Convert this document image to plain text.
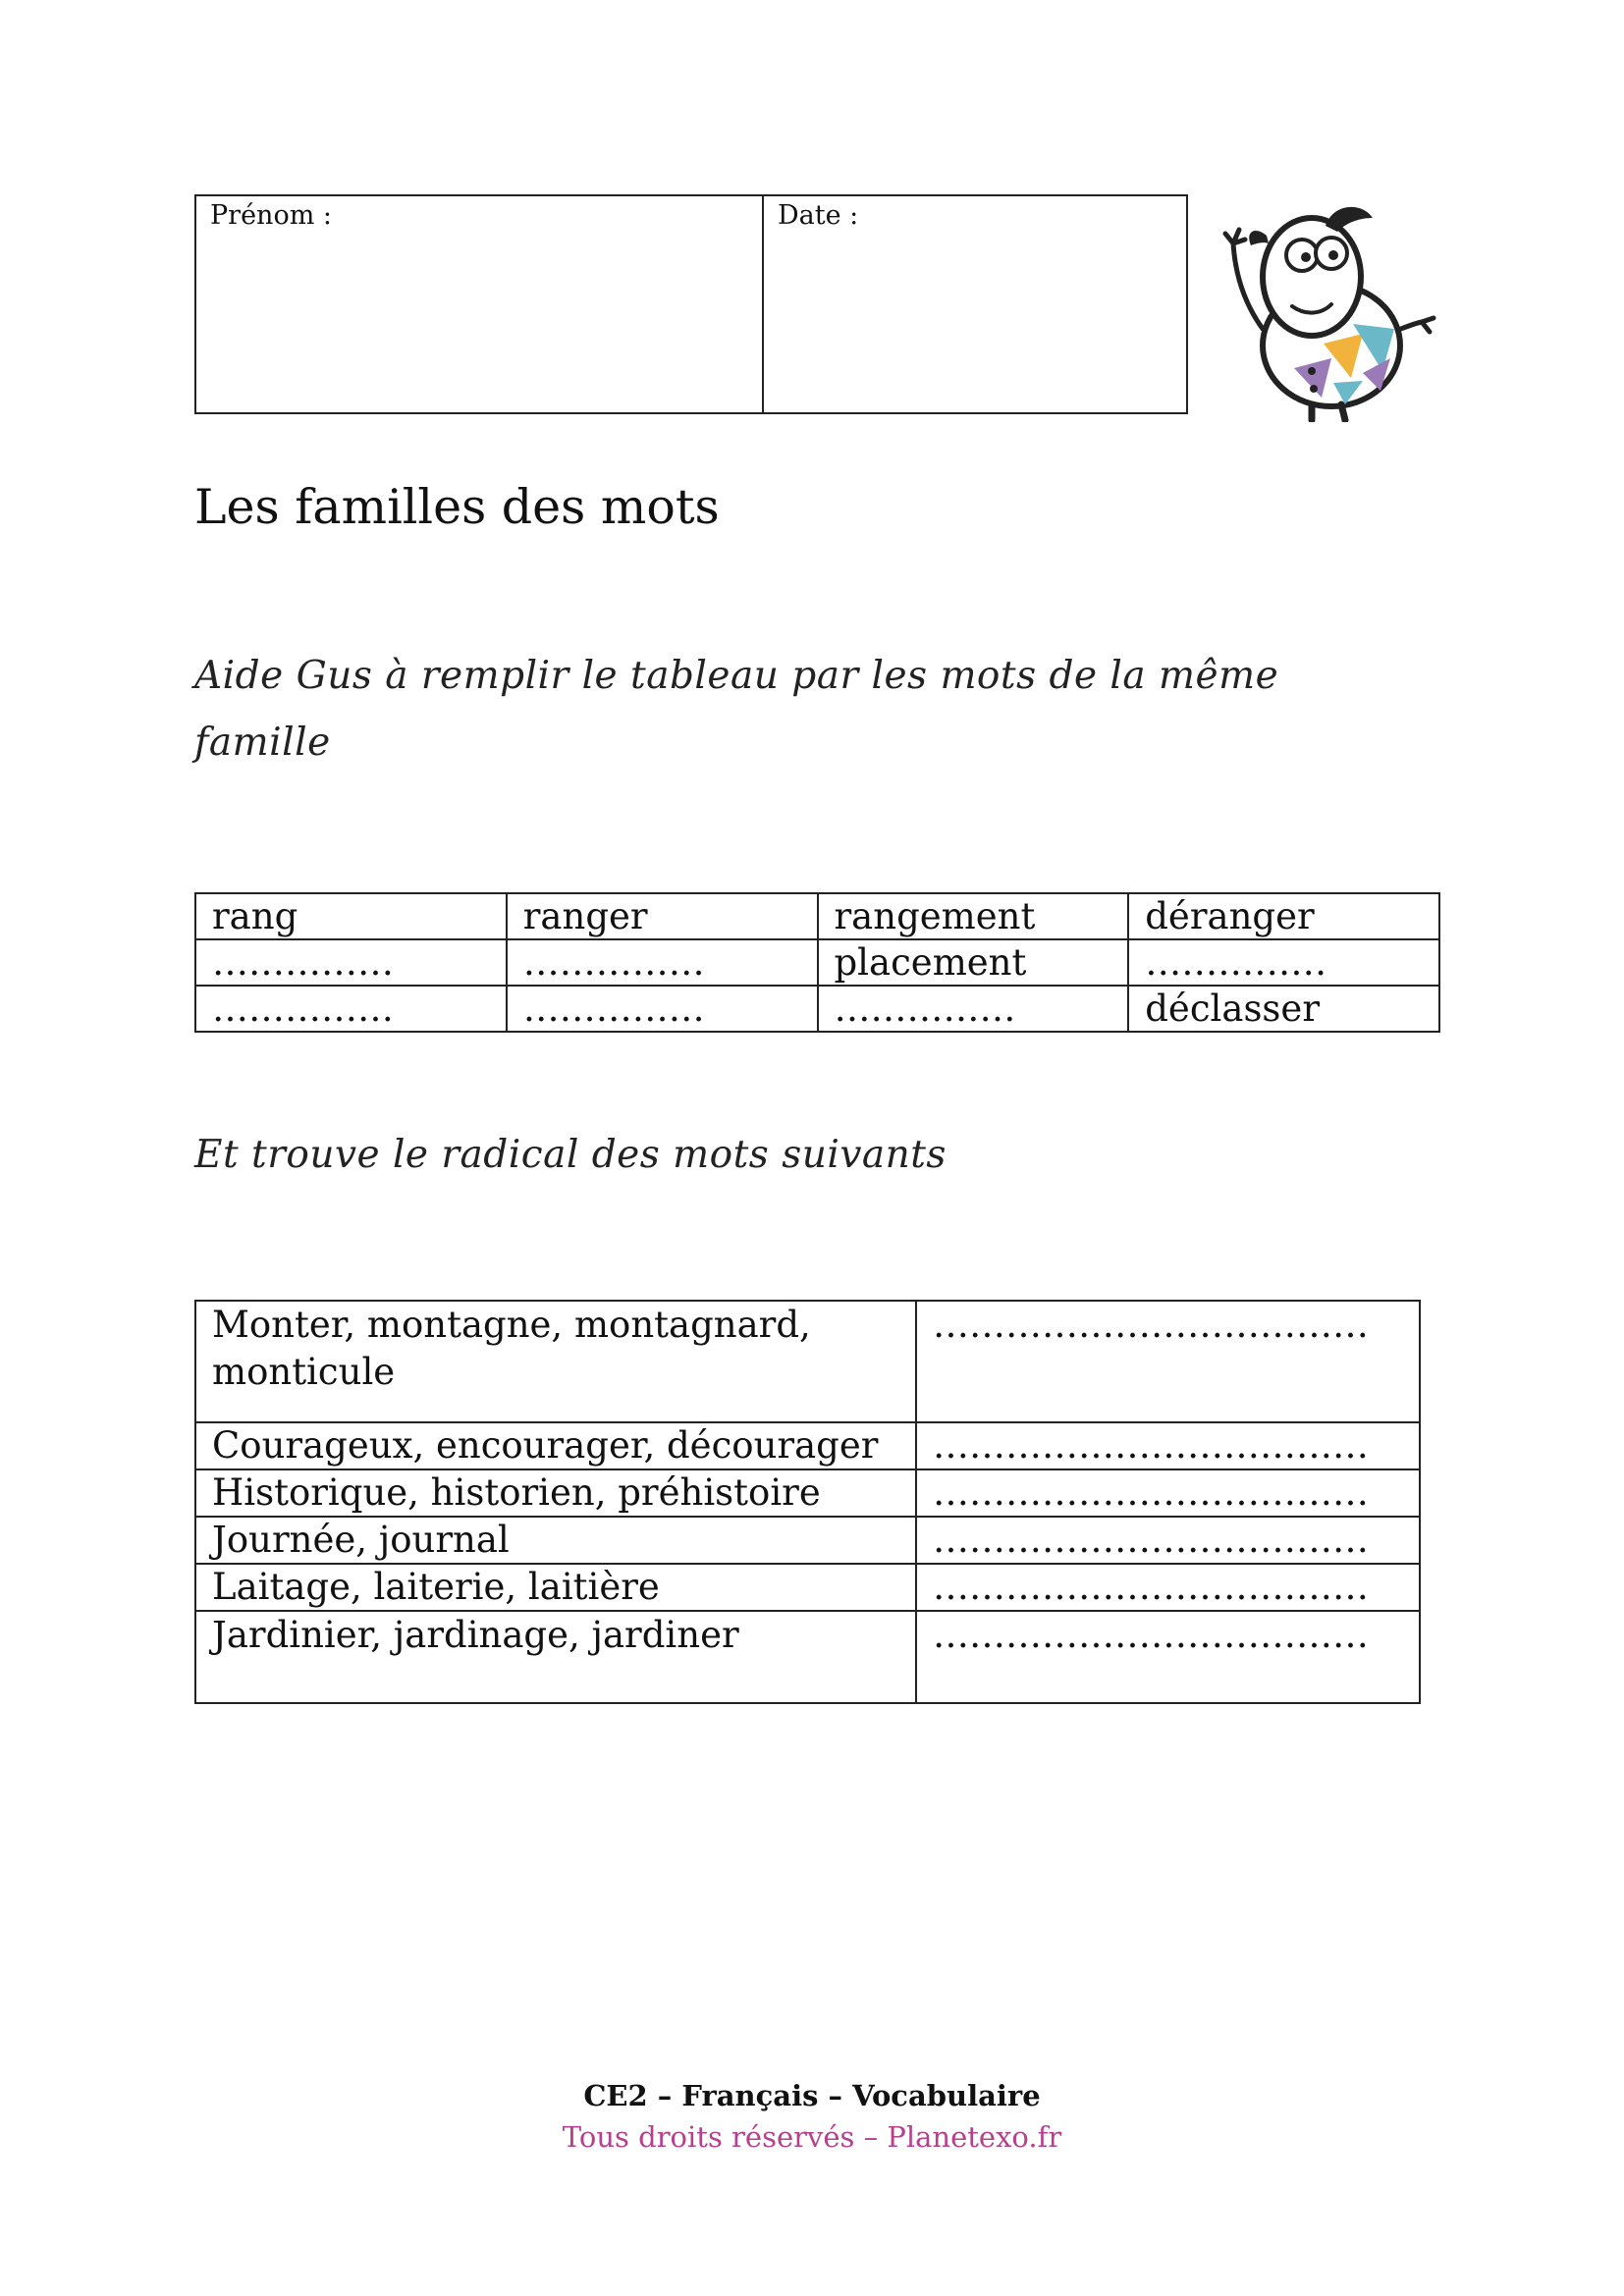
Prénom :	Date :
Les familles des mots
Aide Gus à remplir le tableau par les mots de la même famille
rang	ranger	rangement	déranger
……………	……………	placement	……………
……………	……………	……………	déclasser
Et trouve le radical des mots suivants
Monter, montagne, montagnard, monticule	………………………………
Courageux, encourager, décourager	………………………………
Historique, historien, préhistoire	………………………………
Journée, journal	………………………………
Laitage, laiterie, laitière	………………………………
Jardinier, jardinage, jardiner	………………………………
CE2 – Français – Vocabulaire
Tous droits réservés – Planetexo.fr
